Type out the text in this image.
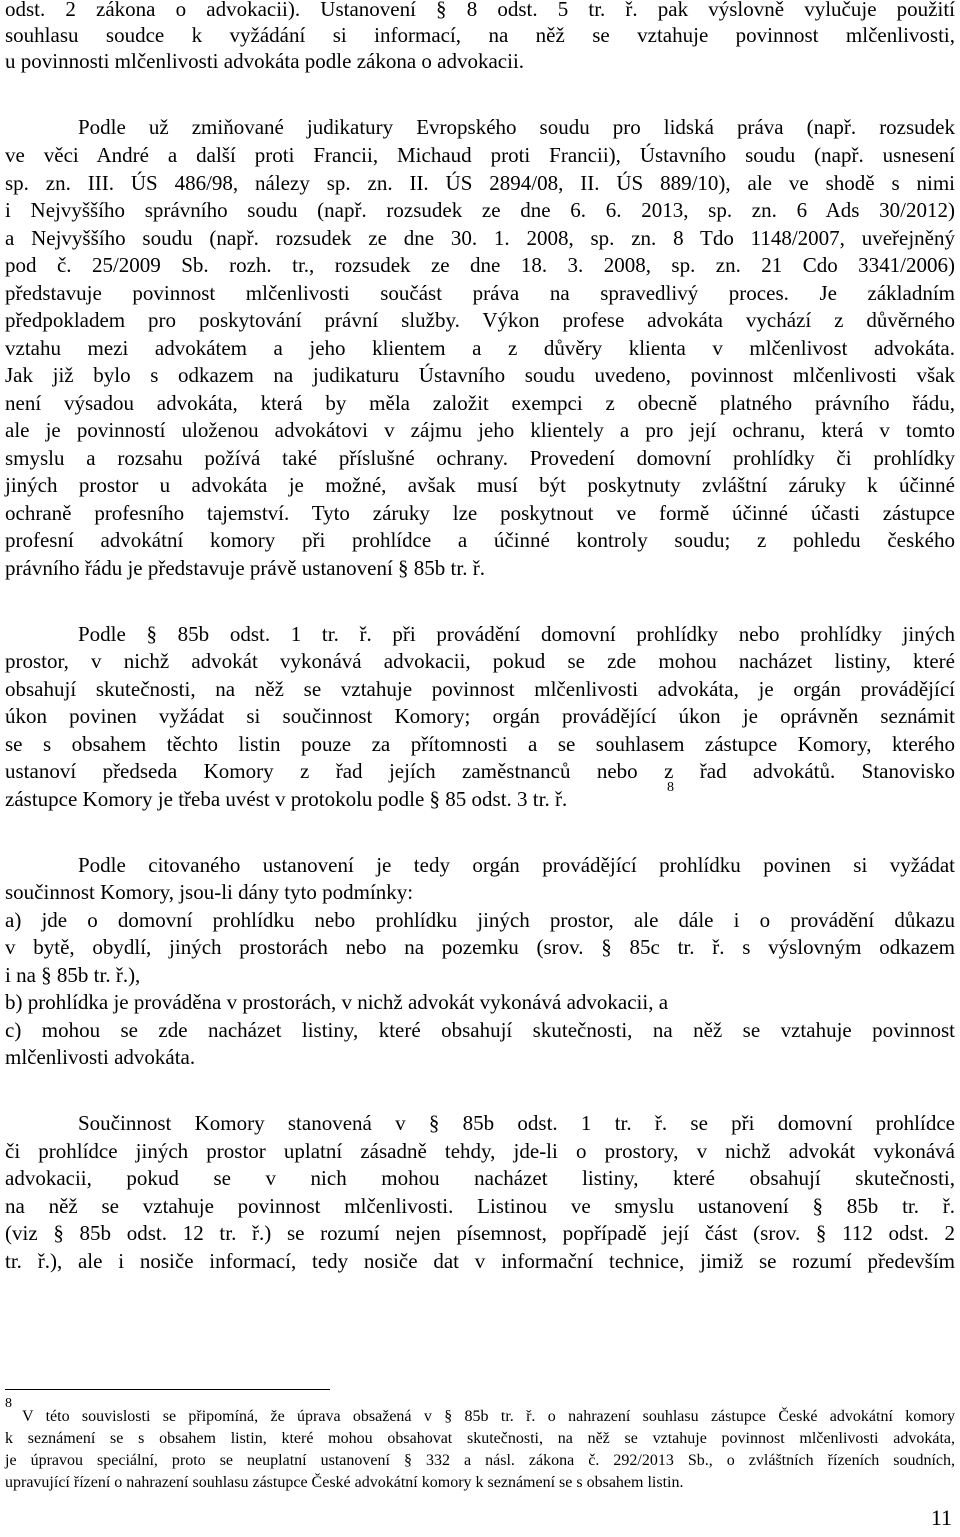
odst. 2 zákona o advokacii). Ustanovení § 8 odst. 5 tr. ř. pak výslovně vylučuje použití
souhlasu soudce k vyžádání si informací, na něž se vztahuje povinnost mlčenlivosti,
u povinnosti mlčenlivosti advokáta podle zákona o advokacii.
Podle už zmiňované judikatury Evropského soudu pro lidská práva (např. rozsudek
ve věci André a další proti Francii, Michaud proti Francii), Ústavního soudu (např. usnesení
sp. zn. III. ÚS 486/98, nálezy sp. zn. II. ÚS 2894/08, II. ÚS 889/10), ale ve shodě s nimi
i Nejvyššího správního soudu (např. rozsudek ze dne 6. 6. 2013, sp. zn. 6 Ads 30/2012)
a Nejvyššího soudu (např. rozsudek ze dne 30. 1. 2008, sp. zn. 8 Tdo 1148/2007, uveřejněný
pod č. 25/2009 Sb. rozh. tr., rozsudek ze dne 18. 3. 2008, sp. zn. 21 Cdo 3341/2006)
představuje povinnost mlčenlivosti součást práva na spravedlivý proces. Je základním
předpokladem pro poskytování právní služby. Výkon profese advokáta vychází z důvěrného
vztahu mezi advokátem a jeho klientem a z důvěry klienta v mlčenlivost advokáta.
Jak již bylo s odkazem na judikaturu Ústavního soudu uvedeno, povinnost mlčenlivosti však
není výsadou advokáta, která by měla založit exempci z obecně platného právního řádu,
ale je povinností uloženou advokátovi v zájmu jeho klientely a pro její ochranu, která v tomto
smyslu a rozsahu požívá také příslušné ochrany. Provedení domovní prohlídky či prohlídky
jiných prostor u advokáta je možné, avšak musí být poskytnuty zvláštní záruky k účinné
ochraně profesního tajemství. Tyto záruky lze poskytnout ve formě účinné účasti zástupce
profesní advokátní komory při prohlídce a účinné kontroly soudu; z pohledu českého
právního řádu je představuje právě ustanovení § 85b tr. ř.
Podle § 85b odst. 1 tr. ř. při provádění domovní prohlídky nebo prohlídky jiných
prostor, v nichž advokát vykonává advokacii, pokud se zde mohou nacházet listiny, které
obsahují skutečnosti, na něž se vztahuje povinnost mlčenlivosti advokáta, je orgán provádějící
úkon povinen vyžádat si součinnost Komory; orgán provádějící úkon je oprávněn seznámit
se s obsahem těchto listin pouze za přítomnosti a se souhlasem zástupce Komory, kterého
ustanoví předseda Komory z řad jejích zaměstnanců nebo z řad advokátů. Stanovisko
zástupce Komory je třeba uvést v protokolu podle § 85 odst. 3 tr. ř.	8
Podle citovaného ustanovení je tedy orgán provádějící prohlídku povinen si vyžádat
součinnost Komory, jsou-li dány tyto podmínky:
a) jde o domovní prohlídku nebo prohlídku jiných prostor, ale dále i o provádění důkazu
v bytě, obydlí, jiných prostorách nebo na pozemku (srov. § 85c tr. ř. s výslovným odkazem
i na § 85b tr. ř.),
b) prohlídka je prováděna v prostorách, v nichž advokát vykonává advokacii, a
c) mohou se zde nacházet listiny, které obsahují skutečnosti, na něž se vztahuje povinnost
mlčenlivosti advokáta.
Součinnost Komory stanovená v § 85b odst. 1 tr. ř. se při domovní prohlídce
či prohlídce jiných prostor uplatní zásadně tehdy, jde-li o prostory, v nichž advokát vykonává
advokacii, pokud se v nich mohou nacházet listiny, které obsahují skutečnosti,
na něž se vztahuje povinnost mlčenlivosti. Listinou ve smyslu ustanovení § 85b tr. ř.
(viz § 85b odst. 12 tr. ř.) se rozumí nejen písemnost, popřípadě její část (srov. § 112 odst. 2
tr. ř.), ale i nosiče informací, tedy nosiče dat v informační technice, jimiž se rozumí především
8
V této souvislosti se připomíná, že úprava obsažená v § 85b tr. ř. o nahrazení souhlasu zástupce České advokátní komory
k seznámení se s obsahem listin, které mohou obsahovat skutečnosti, na něž se vztahuje povinnost mlčenlivosti advokáta,
je úpravou speciální, proto se neuplatní ustanovení § 332 a násl. zákona č. 292/2013 Sb., o zvláštních řízeních soudních,
upravující řízení o nahrazení souhlasu zástupce České advokátní komory k seznámení se s obsahem listin.
11
